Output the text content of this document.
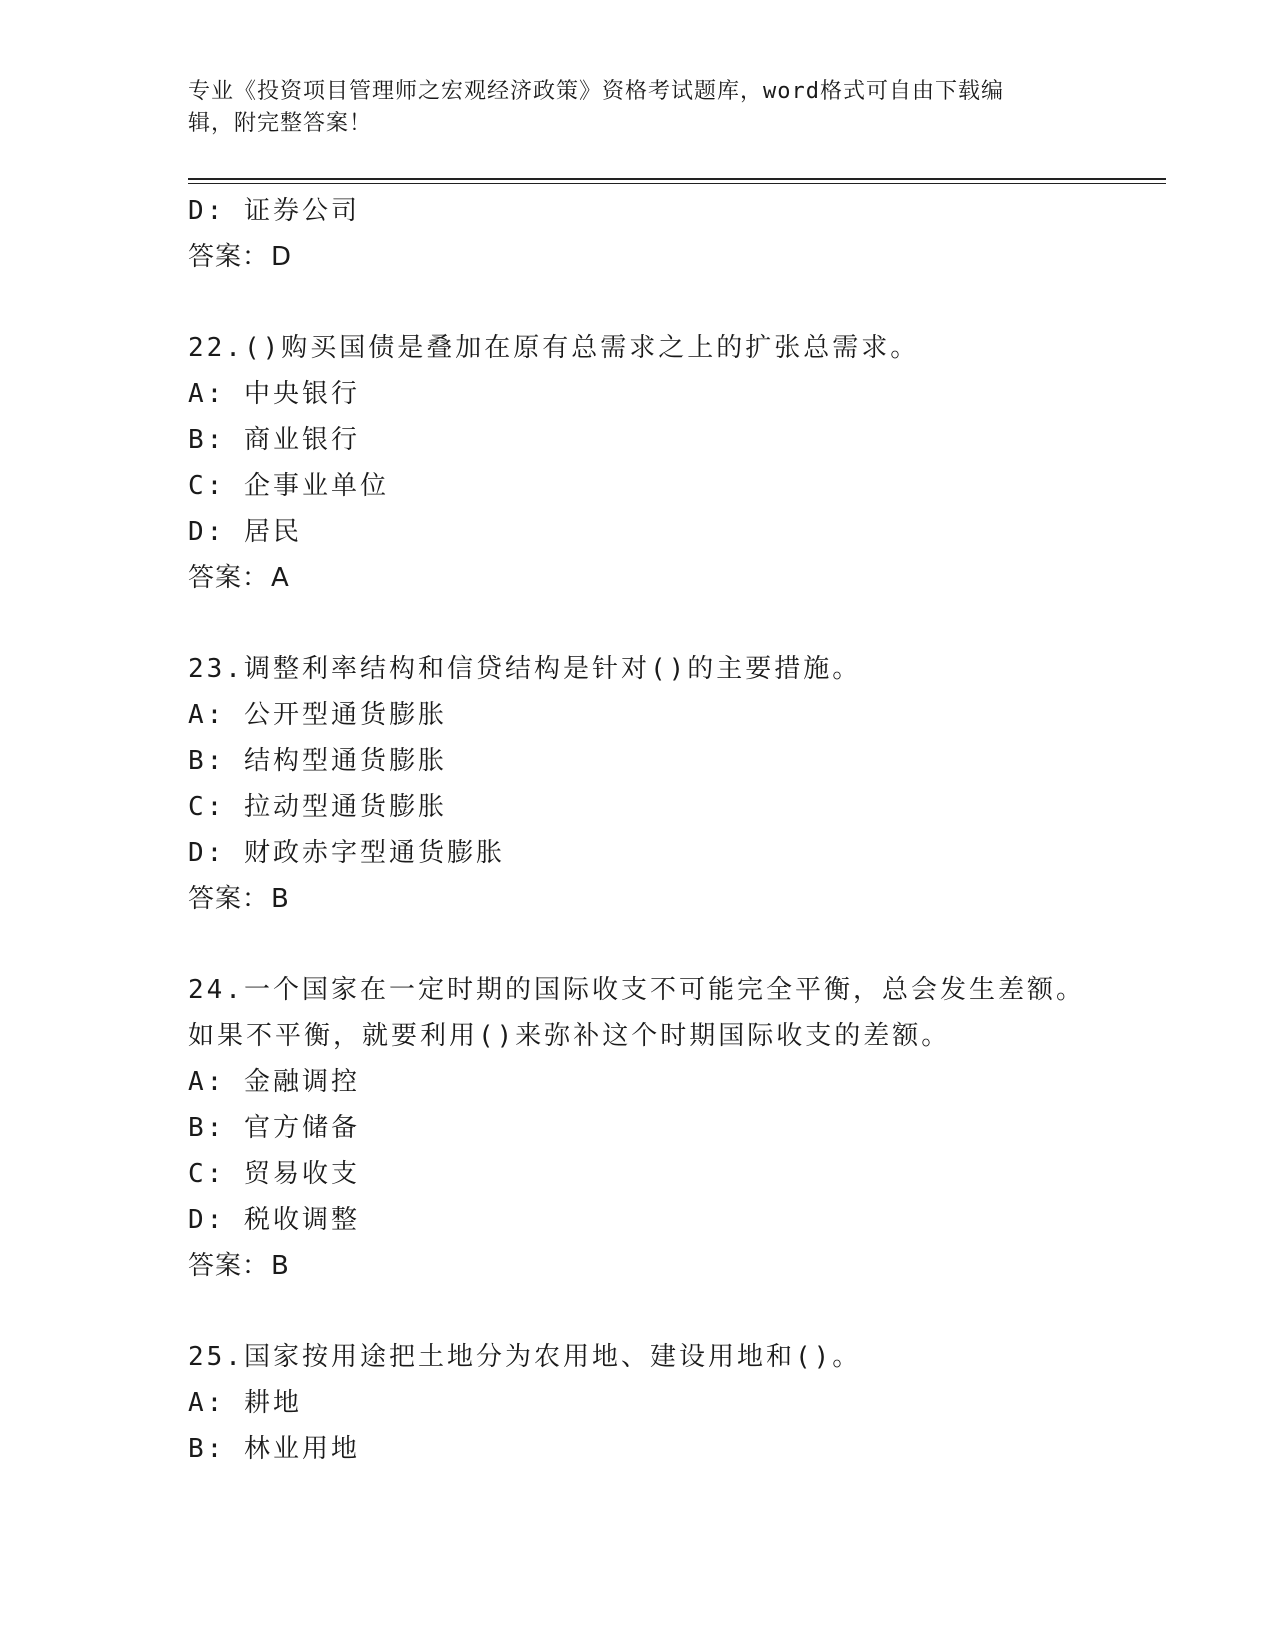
专业《投资项目管理师之宏观经济政策》资格考试题库，word格式可自由下载编
辑，附完整答案！
D: 证券公司
答案：D
22.()购买国债是叠加在原有总需求之上的扩张总需求。
A: 中央银行
B: 商业银行
C: 企事业单位
D: 居民
答案：A
23.调整利率结构和信贷结构是针对()的主要措施。
A: 公开型通货膨胀
B: 结构型通货膨胀
C: 拉动型通货膨胀
D: 财政赤字型通货膨胀
答案：B
24.一个国家在一定时期的国际收支不可能完全平衡，总会发生差额。
如果不平衡，就要利用()来弥补这个时期国际收支的差额。
A: 金融调控
B: 官方储备
C: 贸易收支
D: 税收调整
答案：B
25.国家按用途把土地分为农用地、建设用地和()。
A: 耕地
B: 林业用地
